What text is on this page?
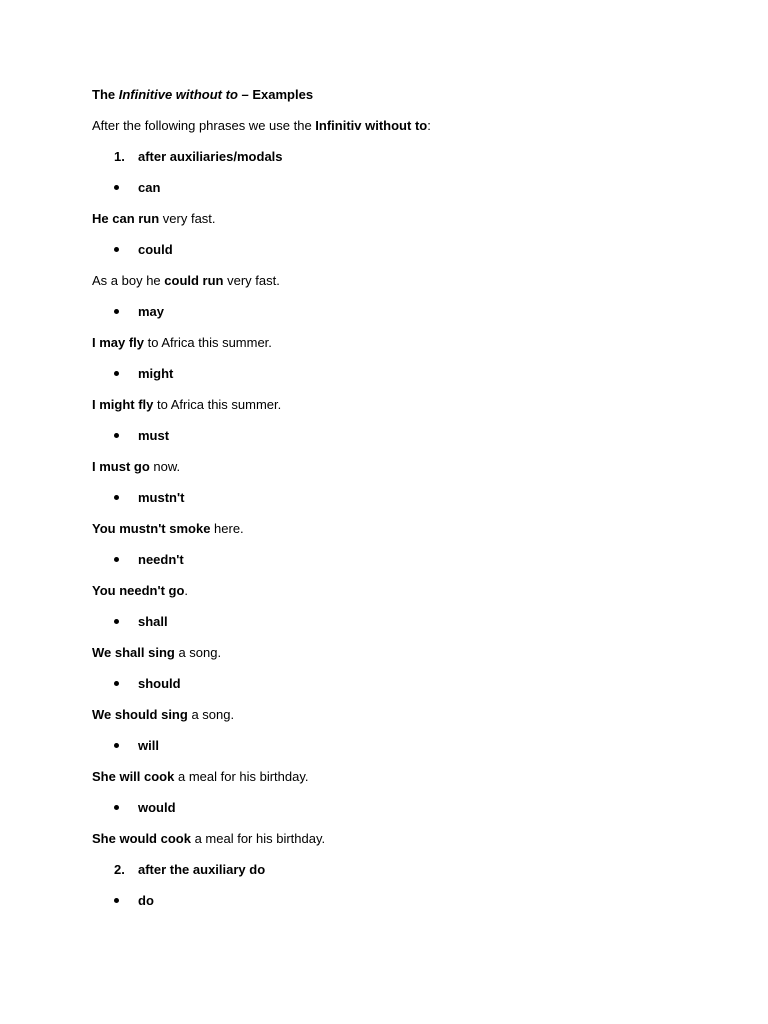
The Infinitive without to – Examples
After the following phrases we use the Infinitiv without to:
1. after auxiliaries/modals
can
He can run very fast.
could
As a boy he could run very fast.
may
I may fly to Africa this summer.
might
I might fly to Africa this summer.
must
I must go now.
mustn't
You mustn't smoke here.
needn't
You needn't go.
shall
We shall sing a song.
should
We should sing a song.
will
She will cook a meal for his birthday.
would
She would cook a meal for his birthday.
2. after the auxiliary do
do
